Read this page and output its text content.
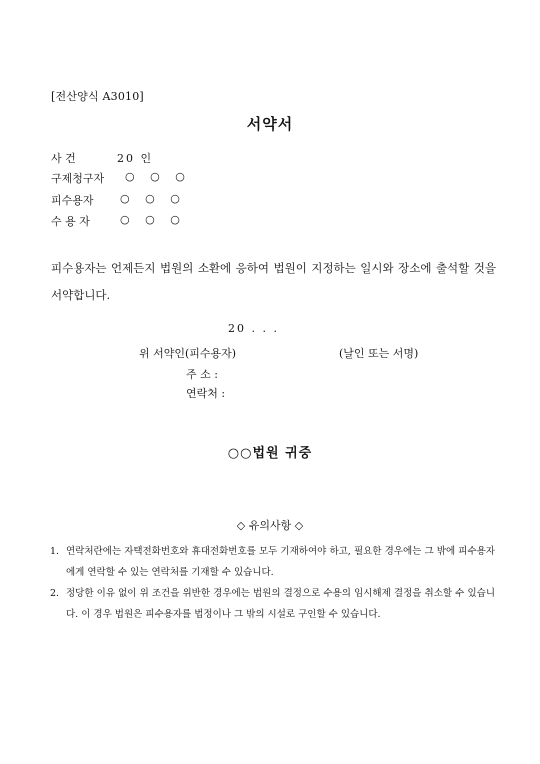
[전산양식 A3010]
서약서
사 건	20 인
구제청구자 ○ ○ ○
피수용자 ○ ○ ○
수 용 자	○ ○ ○
피수용자는 언제든지 법원의 소환에 응하여 법원이 지정하는 일시와 장소에 출석할 것을 서약합니다.
20 . . .
위 서약인(피수용자)	(날인 또는 서명)
주 소 :
연락처 :
○○법원 귀중
◇ 유의사항 ◇
1. 연락처란에는 자택전화번호와 휴대전화번호를 모두 기재하여야 하고, 필요한 경우에는 그 밖에 피수용자에게 연락할 수 있는 연락처를 기재할 수 있습니다.
2. 정당한 이유 없이 위 조건을 위반한 경우에는 법원의 결정으로 수용의 임시해제 결정을 취소할 수 있습니다. 이 경우 법원은 피수용자를 법정이나 그 밖의 시설로 구인할 수 있습니다.
